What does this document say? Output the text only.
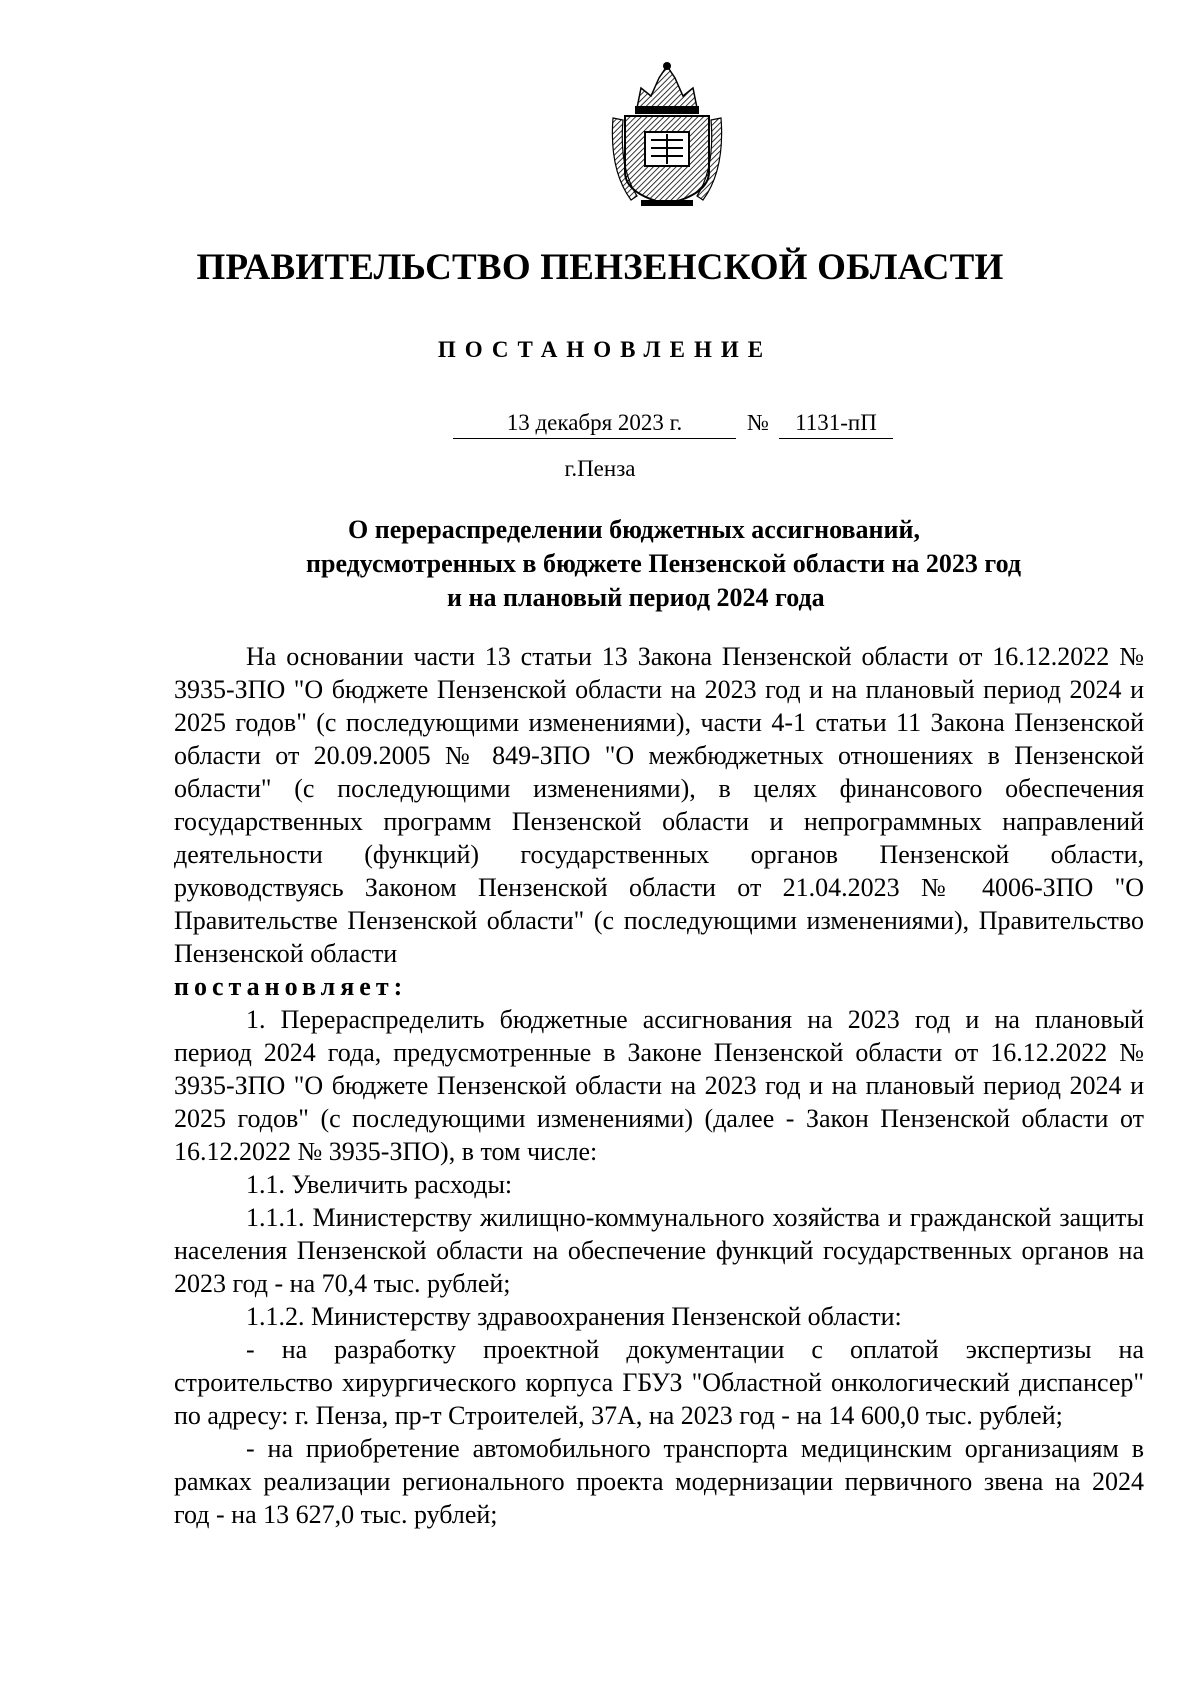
ПРАВИТЕЛЬСТВО ПЕНЗЕНСКОЙ ОБЛАСТИ
ПОСТАНОВЛЕНИЕ
13 декабря 2023 г.	№	1131-пП
г.Пенза
О перераспределении бюджетных ассигнований,
предусмотренных в бюджете Пензенской области на 2023 год
и на плановый период 2024 года

На основании части 13 статьи 13 Закона Пензенской области от 16.12.2022 № 3935-ЗПО "О бюджете Пензенской области на 2023 год и на плановый период 2024 и 2025 годов" (с последующими изменениями), части 4-1 статьи 11 Закона Пензенской области от 20.09.2005 № 849-ЗПО "О межбюджетных отношениях в Пензенской области" (с последующими изменениями), в целях финансового обеспечения государственных программ Пензенской области и непрограммных направлений деятельности (функций) государственных органов Пензенской области, руководствуясь Законом Пензенской области от 21.04.2023 № 4006-ЗПО "О Правительстве Пензенской области" (с последующими изменениями), Правительство Пензенской области

постановляет:

1. Перераспределить бюджетные ассигнования на 2023 год и на плановый период 2024 года, предусмотренные в Законе Пензенской области от 16.12.2022 № 3935-ЗПО "О бюджете Пензенской области на 2023 год и на плановый период 2024 и 2025 годов" (с последующими изменениями) (далее - Закон Пензенской области от 16.12.2022 № 3935-ЗПО), в том числе:

1.1. Увеличить расходы:

1.1.1. Министерству жилищно-коммунального хозяйства и гражданской защиты населения Пензенской области на обеспечение функций государственных органов на 2023 год - на 70,4 тыс. рублей;

1.1.2. Министерству здравоохранения Пензенской области:

- на разработку проектной документации с оплатой экспертизы на строительство хирургического корпуса ГБУЗ "Областной онкологический диспансер" по адресу: г. Пенза, пр-т Строителей, 37А, на 2023 год - на 14 600,0 тыс. рублей;

- на приобретение автомобильного транспорта медицинским организациям в рамках реализации регионального проекта модернизации первичного звена на 2024 год - на 13 627,0 тыс. рублей;
